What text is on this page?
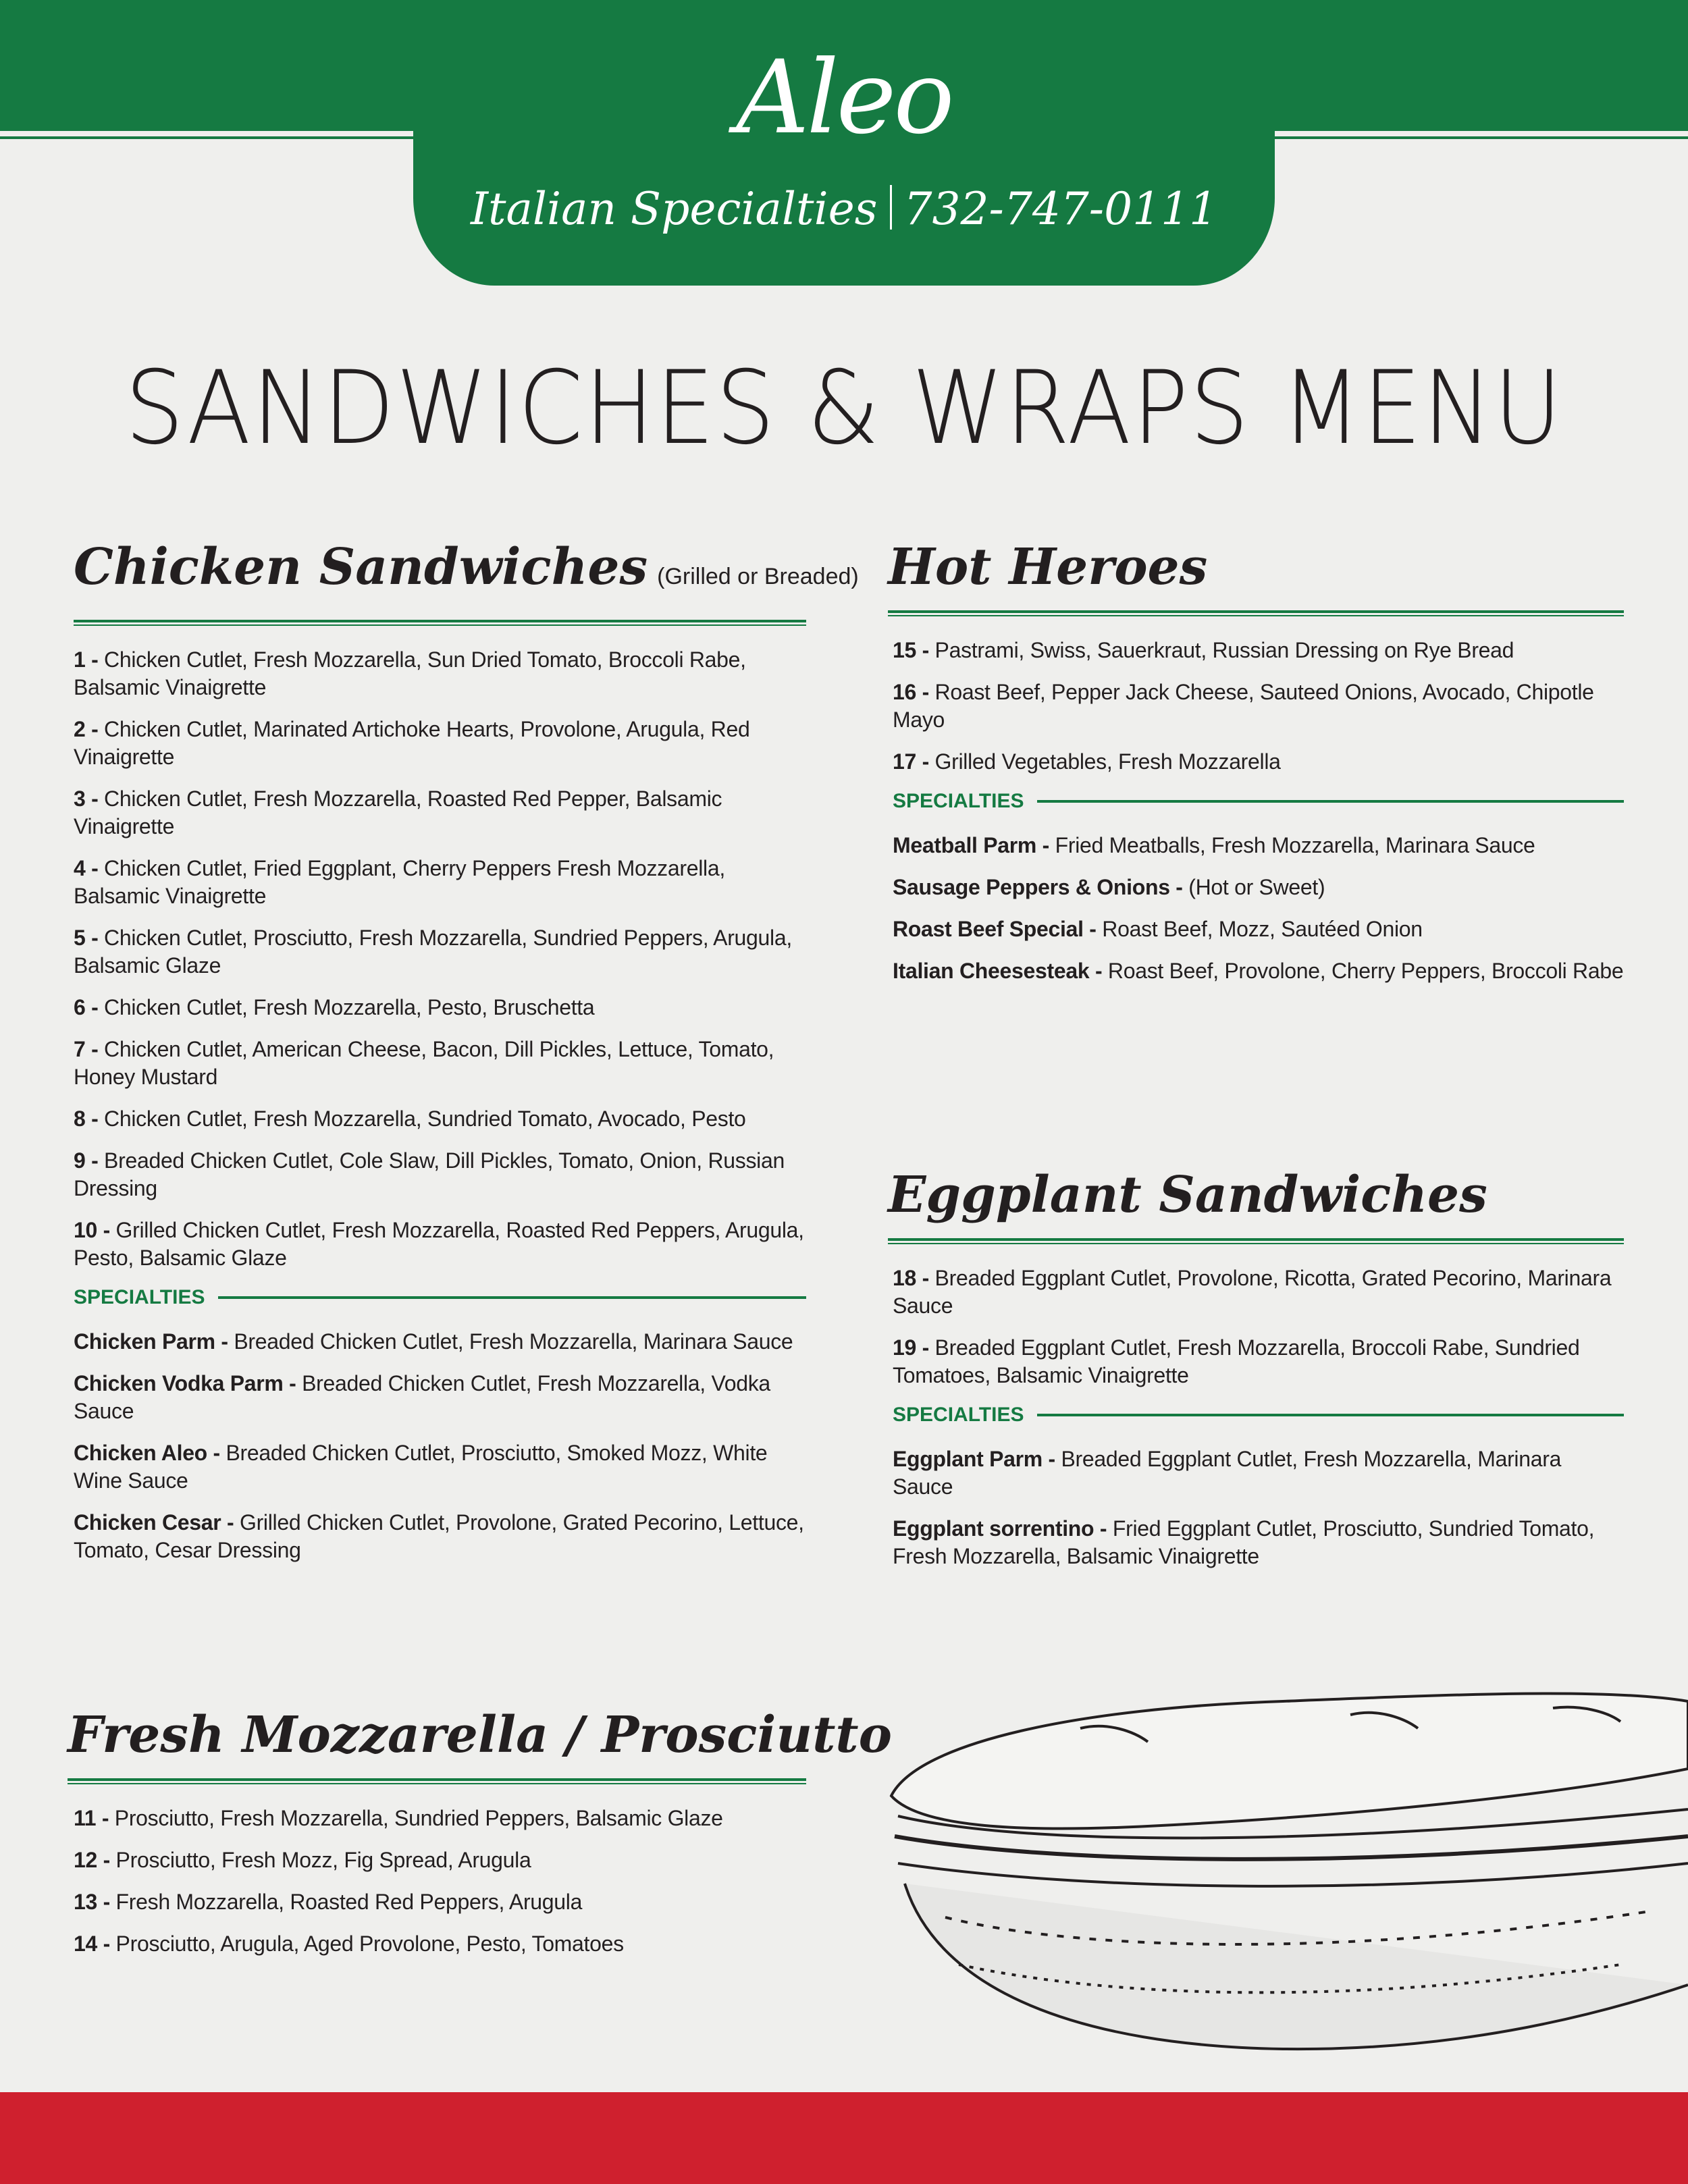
Aleo
Italian Specialties 732-747-0111
SANDWICHES & WRAPS MENU
Chicken Sandwiches (Grilled or Breaded)
1 - Chicken Cutlet, Fresh Mozzarella, Sun Dried Tomato, Broccoli Rabe, Balsamic Vinaigrette
2 - Chicken Cutlet, Marinated Artichoke Hearts, Provolone, Arugula, Red Vinaigrette
3 - Chicken Cutlet, Fresh Mozzarella, Roasted Red Pepper, Balsamic Vinaigrette
4 - Chicken Cutlet, Fried Eggplant, Cherry Peppers Fresh Mozzarella, Balsamic Vinaigrette
5 - Chicken Cutlet, Prosciutto, Fresh Mozzarella, Sundried Peppers, Arugula, Balsamic Glaze
6 - Chicken Cutlet, Fresh Mozzarella, Pesto, Bruschetta
7 - Chicken Cutlet, American Cheese, Bacon, Dill Pickles, Lettuce, Tomato, Honey Mustard
8 - Chicken Cutlet, Fresh Mozzarella, Sundried Tomato, Avocado, Pesto
9 - Breaded Chicken Cutlet, Cole Slaw, Dill Pickles, Tomato, Onion, Russian Dressing
10 - Grilled Chicken Cutlet, Fresh Mozzarella, Roasted Red Peppers, Arugula, Pesto, Balsamic Glaze
SPECIALTIES
Chicken Parm - Breaded Chicken Cutlet, Fresh Mozzarella, Marinara Sauce
Chicken Vodka Parm - Breaded Chicken Cutlet, Fresh Mozzarella, Vodka Sauce
Chicken Aleo - Breaded Chicken Cutlet, Prosciutto, Smoked Mozz, White Wine Sauce
Chicken Cesar - Grilled Chicken Cutlet, Provolone, Grated Pecorino, Lettuce, Tomato, Cesar Dressing
Fresh Mozzarella / Prosciutto
11 - Prosciutto, Fresh Mozzarella, Sundried Peppers, Balsamic Glaze
12 - Prosciutto, Fresh Mozz, Fig Spread, Arugula
13 - Fresh Mozzarella, Roasted Red Peppers, Arugula
14 - Prosciutto, Arugula, Aged Provolone, Pesto, Tomatoes
Hot Heroes
15 - Pastrami, Swiss, Sauerkraut, Russian Dressing on Rye Bread
16 - Roast Beef, Pepper Jack Cheese, Sauteed Onions, Avocado, Chipotle Mayo
17 - Grilled Vegetables, Fresh Mozzarella
SPECIALTIES
Meatball Parm - Fried Meatballs, Fresh Mozzarella, Marinara Sauce
Sausage Peppers & Onions - (Hot or Sweet)
Roast Beef Special - Roast Beef, Mozz, Sautéed Onion
Italian Cheesesteak - Roast Beef, Provolone, Cherry Peppers, Broccoli Rabe
Eggplant Sandwiches
18 - Breaded Eggplant Cutlet, Provolone, Ricotta, Grated Pecorino, Marinara Sauce
19 - Breaded Eggplant Cutlet, Fresh Mozzarella, Broccoli Rabe, Sundried Tomatoes, Balsamic Vinaigrette
SPECIALTIES
Eggplant Parm - Breaded Eggplant Cutlet, Fresh Mozzarella, Marinara Sauce
Eggplant sorrentino - Fried Eggplant Cutlet, Prosciutto, Sundried Tomato, Fresh Mozzarella, Balsamic Vinaigrette
